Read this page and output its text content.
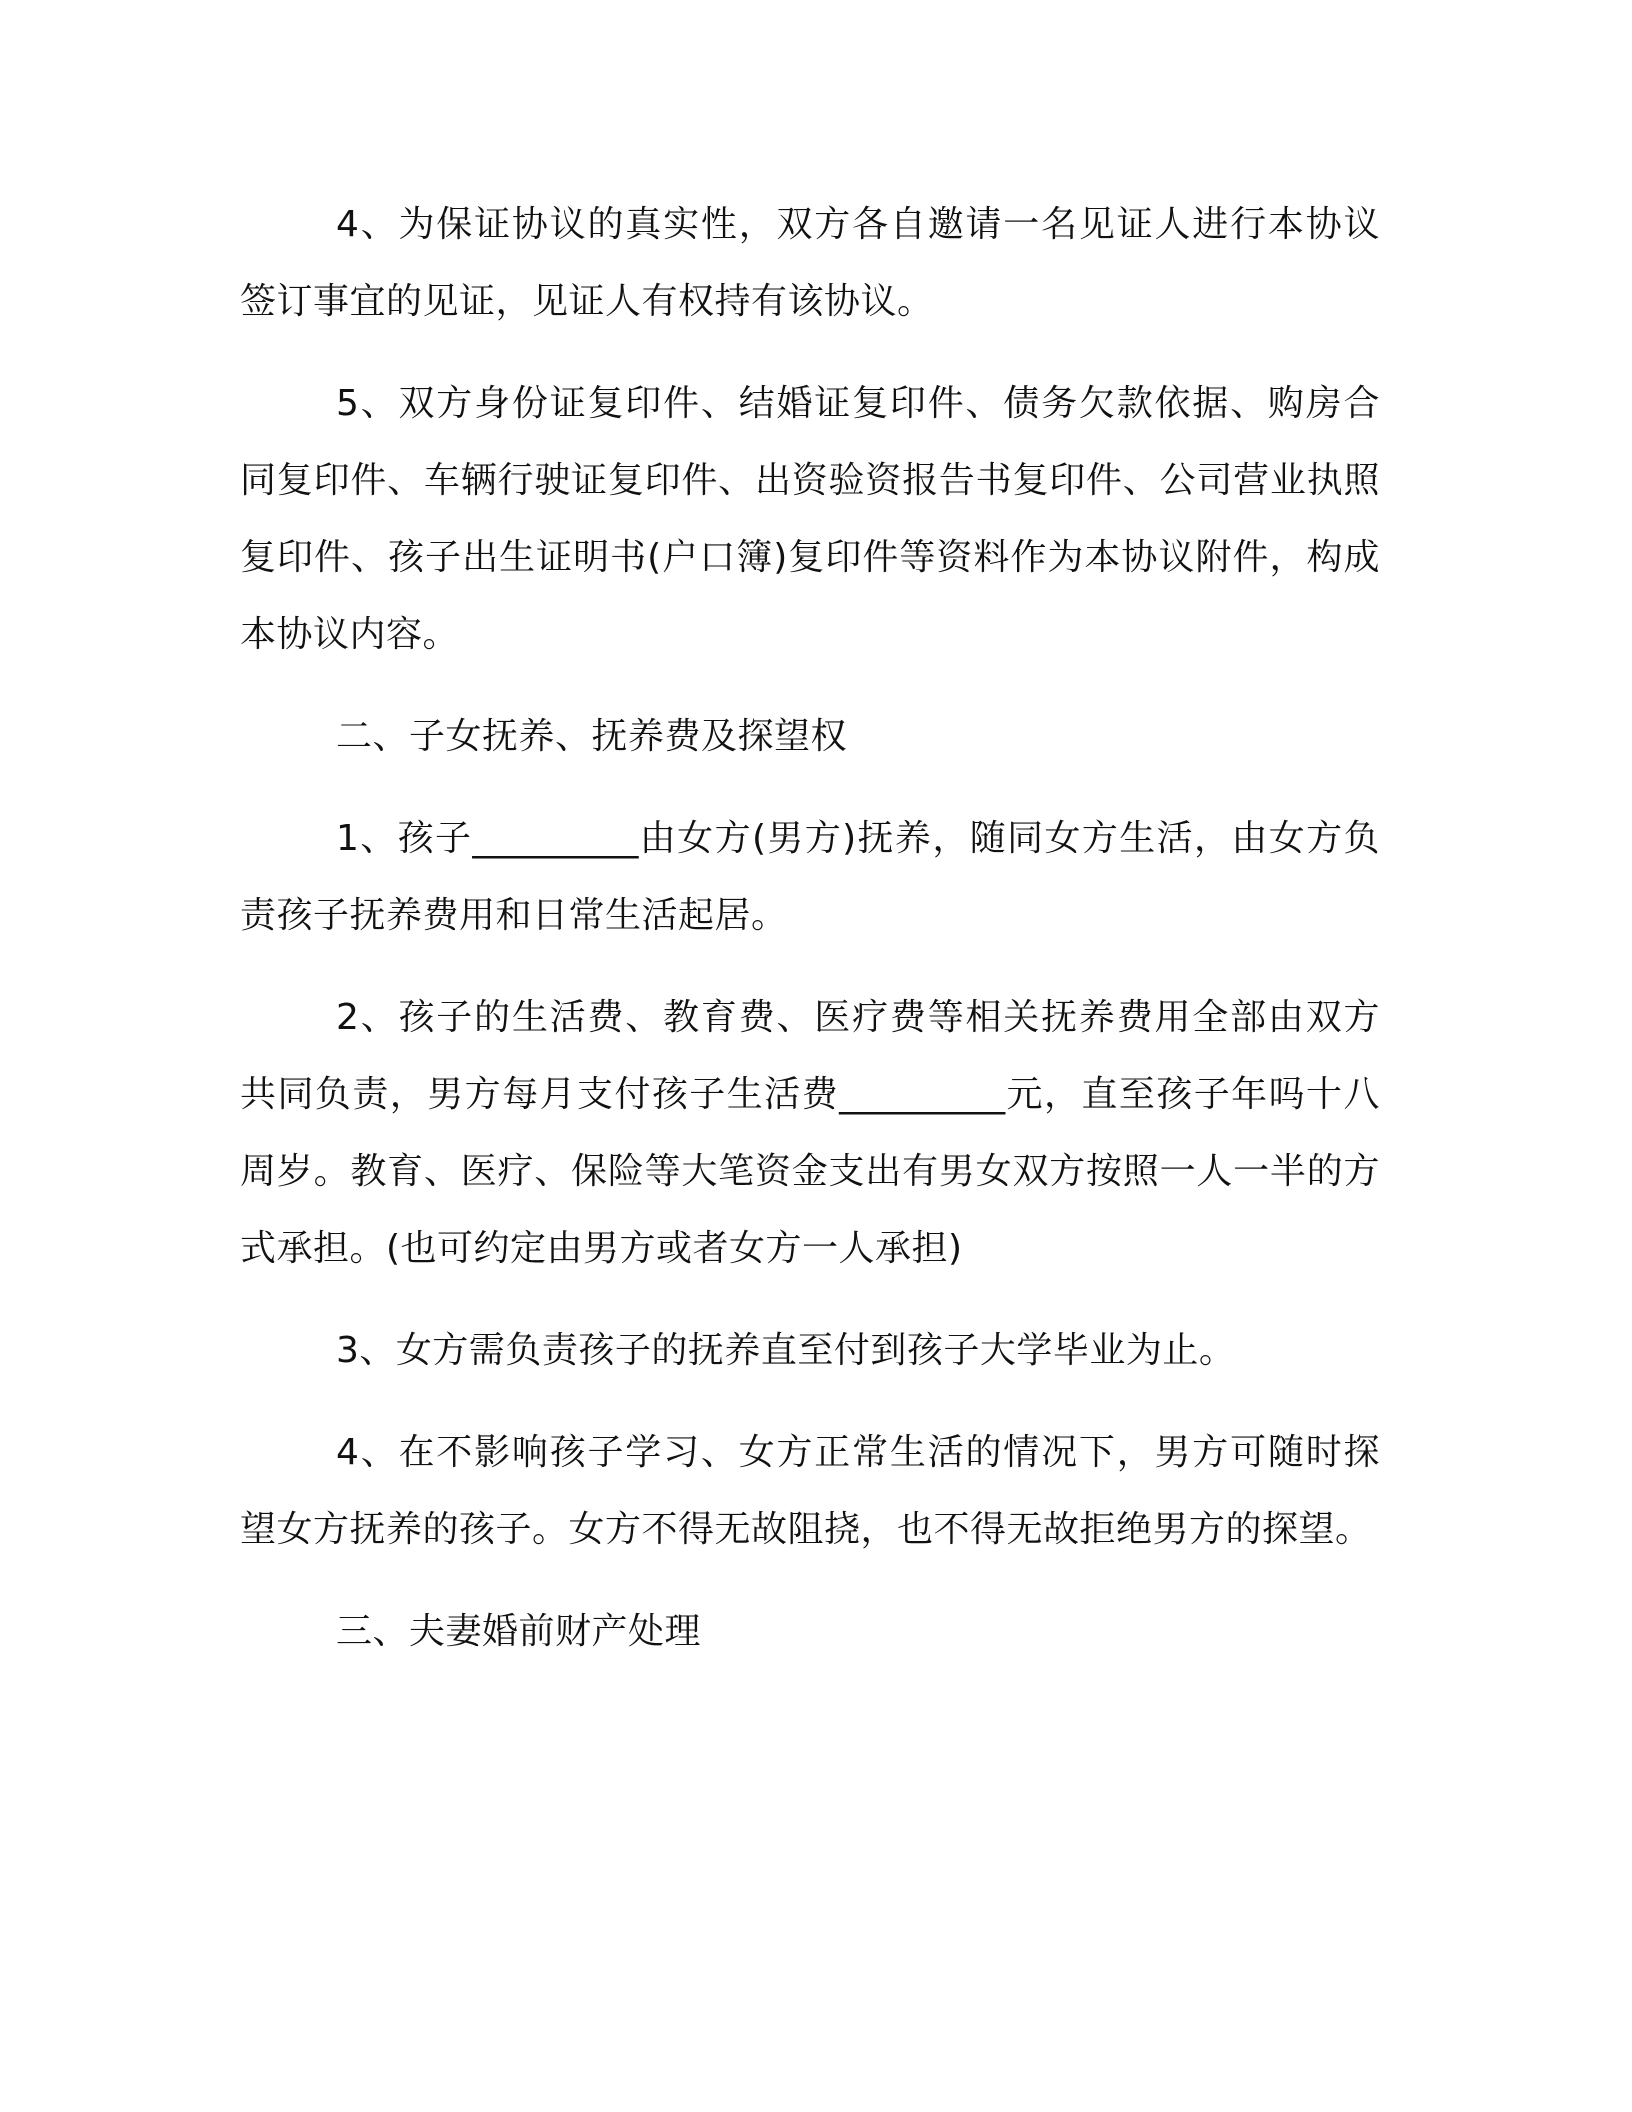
4、为保证协议的真实性，双方各自邀请一名见证人进行本协议签订事宜的见证，见证人有权持有该协议。

5、双方身份证复印件、结婚证复印件、债务欠款依据、购房合同复印件、车辆行驶证复印件、出资验资报告书复印件、公司营业执照复印件、孩子出生证明书(户口簿)复印件等资料作为本协议附件，构成本协议内容。

二、子女抚养、抚养费及探望权

1、孩子_________由女方(男方)抚养，随同女方生活，由女方负责孩子抚养费用和日常生活起居。

2、孩子的生活费、教育费、医疗费等相关抚养费用全部由双方共同负责，男方每月支付孩子生活费_________元，直至孩子年吗十八周岁。教育、医疗、保险等大笔资金支出有男女双方按照一人一半的方式承担。(也可约定由男方或者女方一人承担)

3、女方需负责孩子的抚养直至付到孩子大学毕业为止。

4、在不影响孩子学习、女方正常生活的情况下，男方可随时探望女方抚养的孩子。女方不得无故阻挠，也不得无故拒绝男方的探望。

三、夫妻婚前财产处理
